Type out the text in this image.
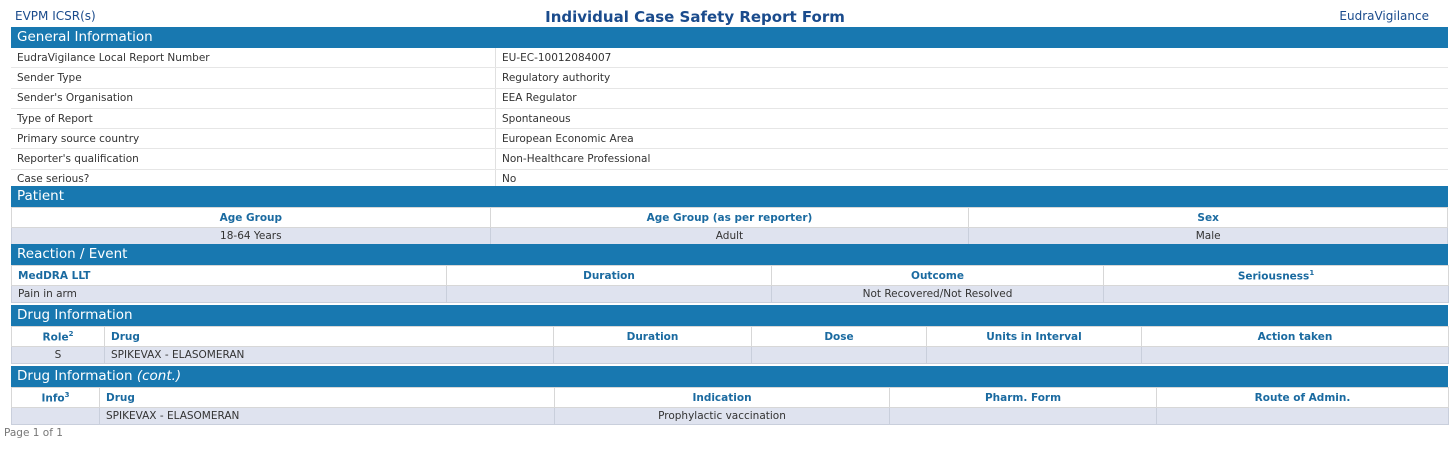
EVPM ICSR(s)	Individual Case Safety Report Form	EudraVigilance
General Information
EudraVigilance Local Report Number	EU-EC-10012084007
Sender Type	Regulatory authority
Sender's Organisation	EEA Regulator
Type of Report	Spontaneous
Primary source country	European Economic Area
Reporter's qualification	Non-Healthcare Professional
Case serious?	No
Patient
Age Group	Age Group (as per reporter)	Sex
18-64 Years	Adult	Male
Reaction / Event
MedDRA LLT	Duration	Outcome	Seriousness$^1$
Pain in arm		Not Recovered/Not Resolved	
Drug Information
Role$^2$	Drug	Duration	Dose	Units in Interval	Action taken
S	SPIKEVAX - ELASOMERAN				
Drug Information (cont.)
Info$^3$	Drug	Indication	Pharm. Form	Route of Admin.
	SPIKEVAX - ELASOMERAN	Prophylactic vaccination		
Page 1 of 1
